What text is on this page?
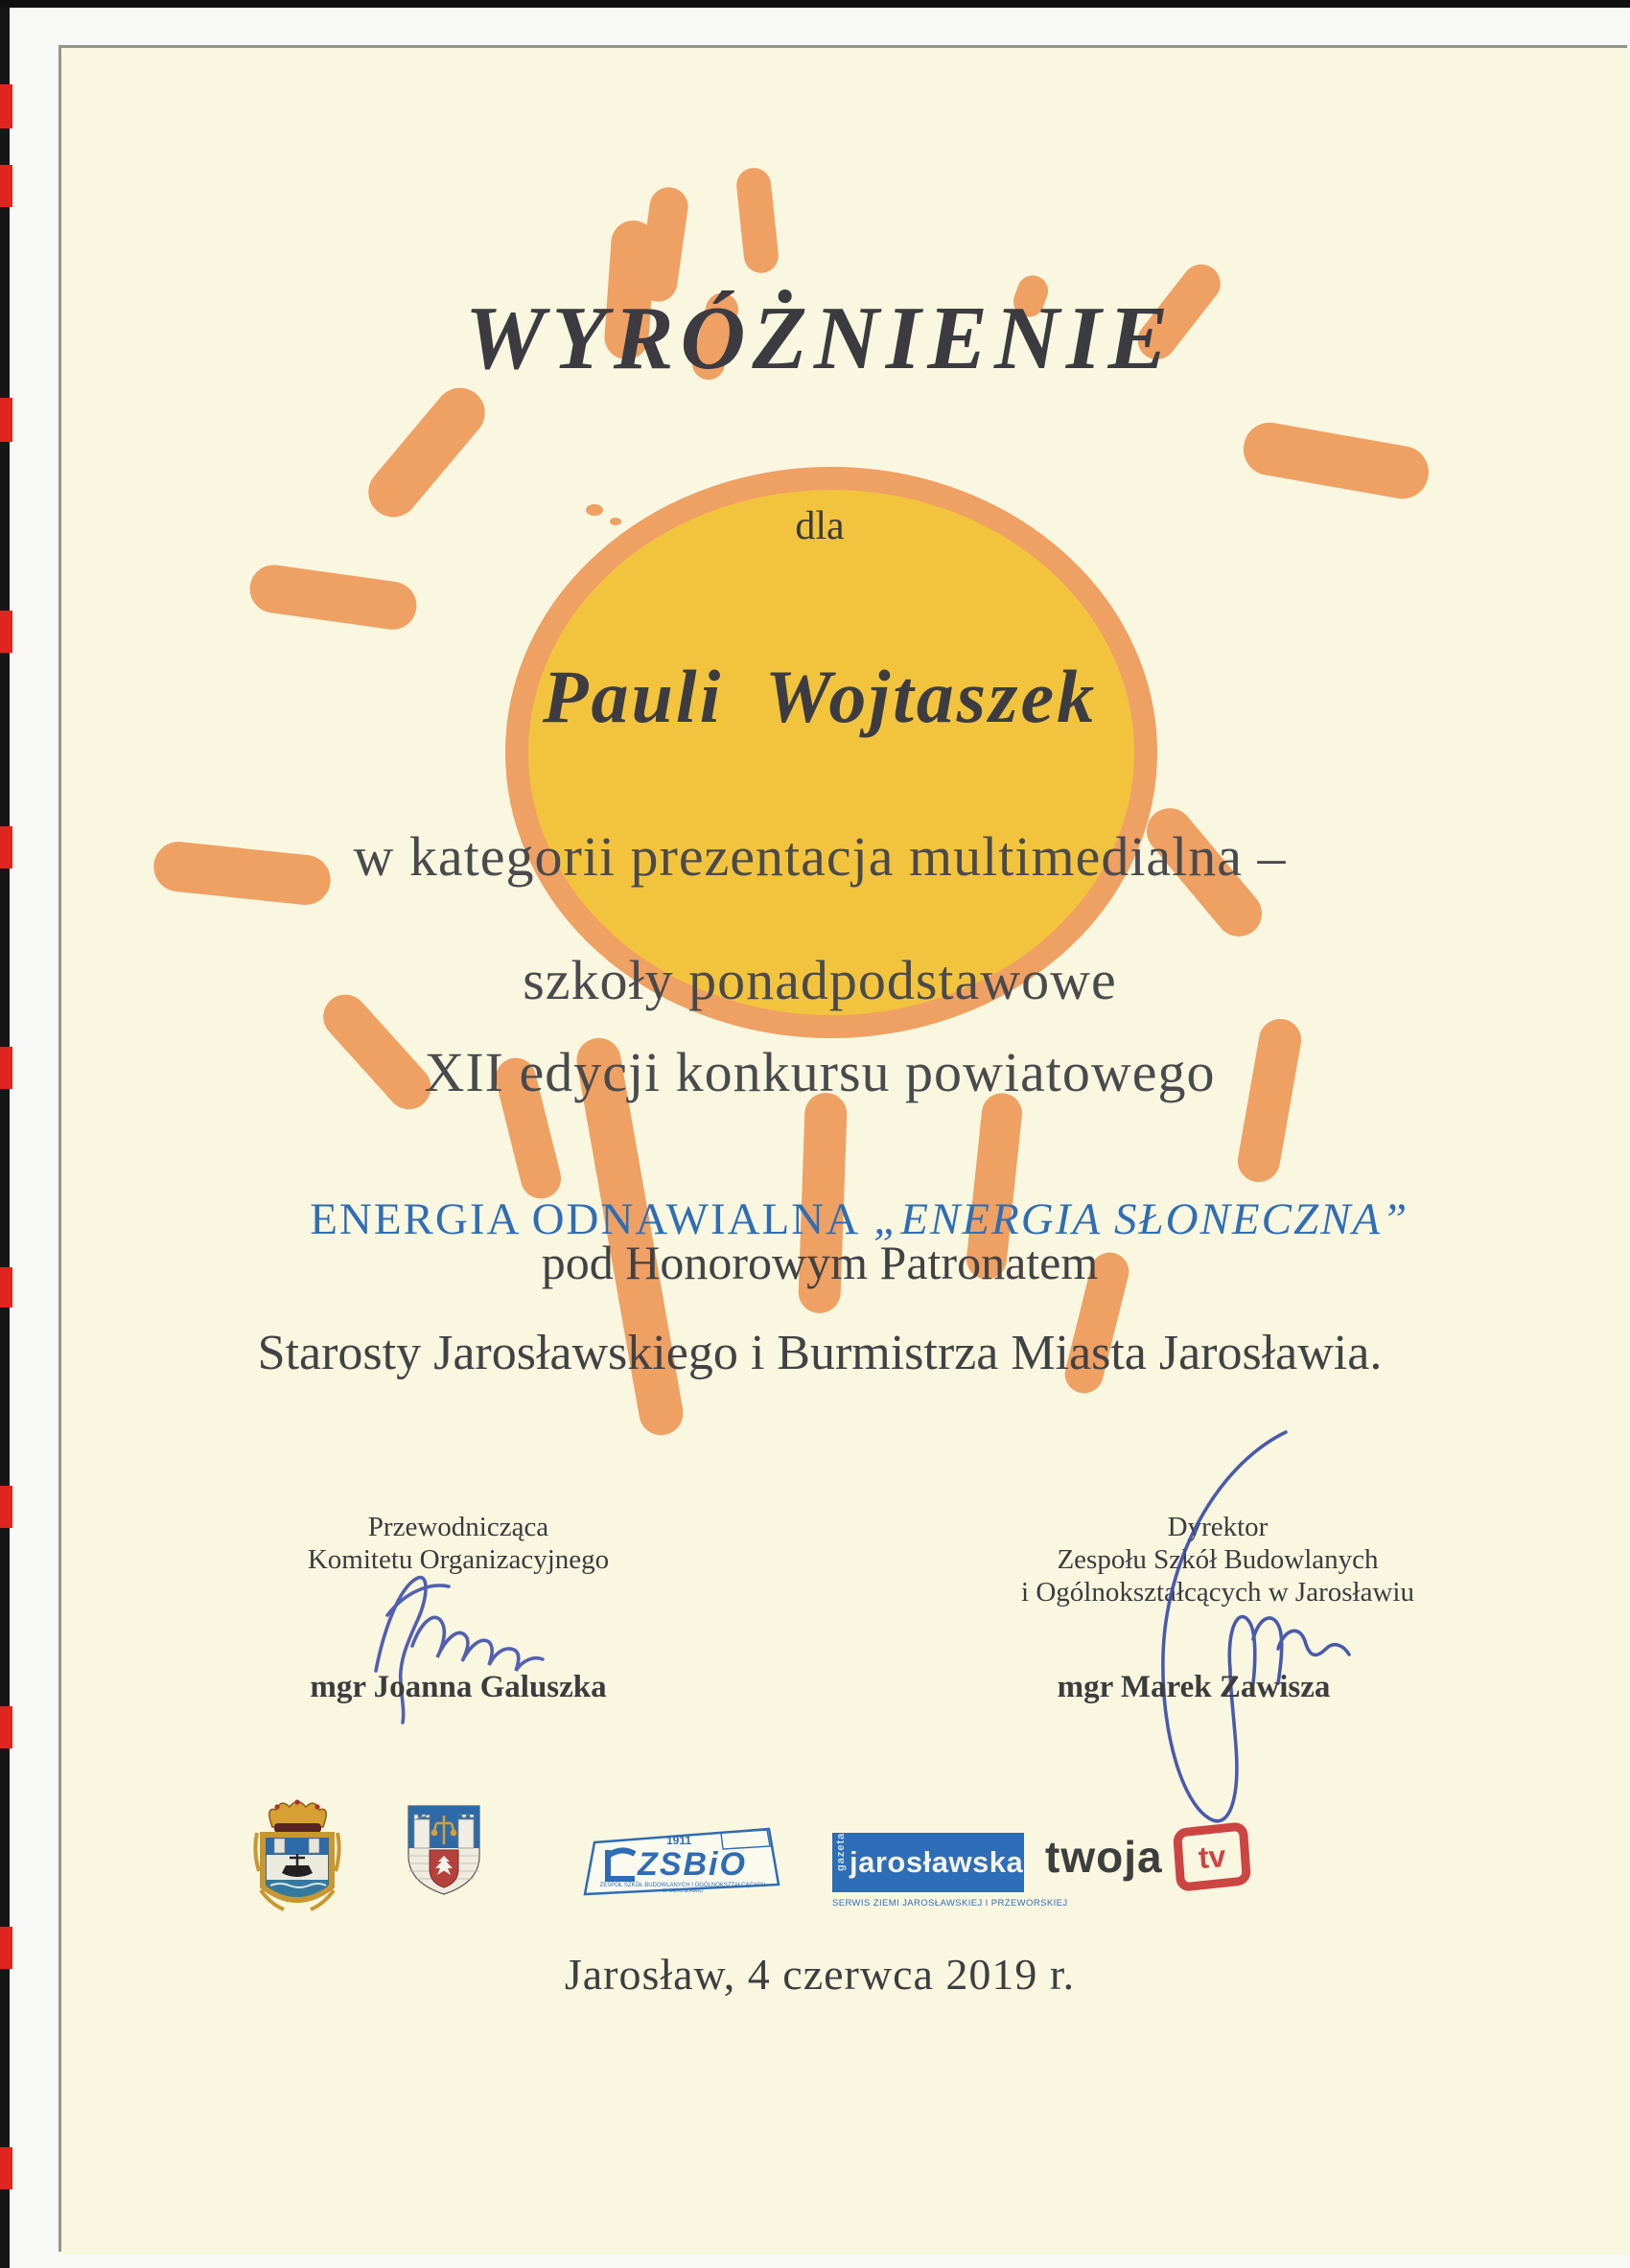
WYRÓŻNIENIE
dla
Pauli  Wojtaszek
w kategorii prezentacja multimedialna –
szkoły ponadpodstawowe
XII edycji konkursu powiatowego

ENERGIA ODNAWIALNA „ENERGIA SŁONECZNA”

pod Honorowym Patronatem
Starosty Jarosławskiego i Burmistrza Miasta Jarosławia.
Przewodnicząca
Komitetu Organizacyjnego
mgr Joanna Galuszka
Dyrektor
Zespołu Szkół Budowlanych
i Ogólnokształcących w Jarosławiu
mgr Marek Zawisza
1911
ZSBiO
ZESPÓŁ SZKÓŁ BUDOWLANYCH I OGÓLNOKSZTAŁCĄCYCH
W JAROSŁAWIU
gazeta jarosławska
SERWIS ZIEMI JAROSŁAWSKIEJ I PRZEWORSKIEJ
twoja tv
Jarosław, 4 czerwca 2019 r.
